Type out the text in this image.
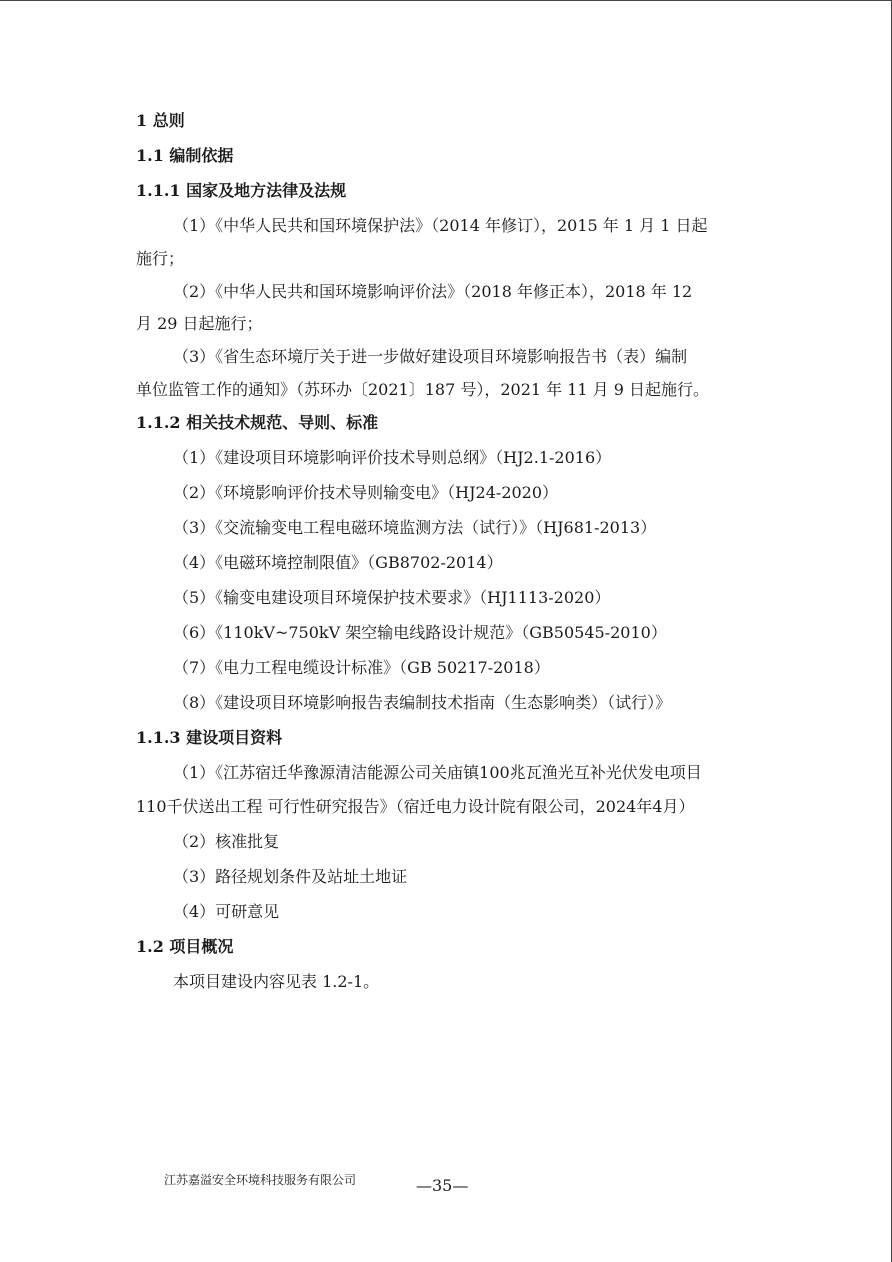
1 总则
1.1 编制依据
1.1.1 国家及地方法律及法规
（1）《中华人民共和国环境保护法》（2014 年修订），2015 年 1 月 1 日起
施行；
（2）《中华人民共和国环境影响评价法》（2018 年修正本），2018 年 12
月 29 日起施行；
（3）《省生态环境厅关于进一步做好建设项目环境影响报告书（表）编制
单位监管工作的通知》（苏环办〔2021〕187 号），2021 年 11 月 9 日起施行。
1.1.2 相关技术规范、导则、标准
（1）《建设项目环境影响评价技术导则总纲》（HJ2.1-2016）
（2）《环境影响评价技术导则输变电》（HJ24-2020）
（3）《交流输变电工程电磁环境监测方法（试行）》（HJ681-2013）
（4）《电磁环境控制限值》（GB8702-2014）
（5）《输变电建设项目环境保护技术要求》（HJ1113-2020）
（6）《110kV~750kV 架空输电线路设计规范》（GB50545-2010）
（7）《电力工程电缆设计标准》（GB 50217-2018）
（8）《建设项目环境影响报告表编制技术指南（生态影响类）（试行）》
1.1.3 建设项目资料
（1）《江苏宿迁华豫源清洁能源公司关庙镇100兆瓦渔光互补光伏发电项目
110千伏送出工程 可行性研究报告》（宿迁电力设计院有限公司，2024年4月）
（2）核准批复
（3）路径规划条件及站址土地证
（4）可研意见
1.2 项目概况
本项目建设内容见表 1.2-1。
江苏嘉溢安全环境科技服务有限公司	—35—
